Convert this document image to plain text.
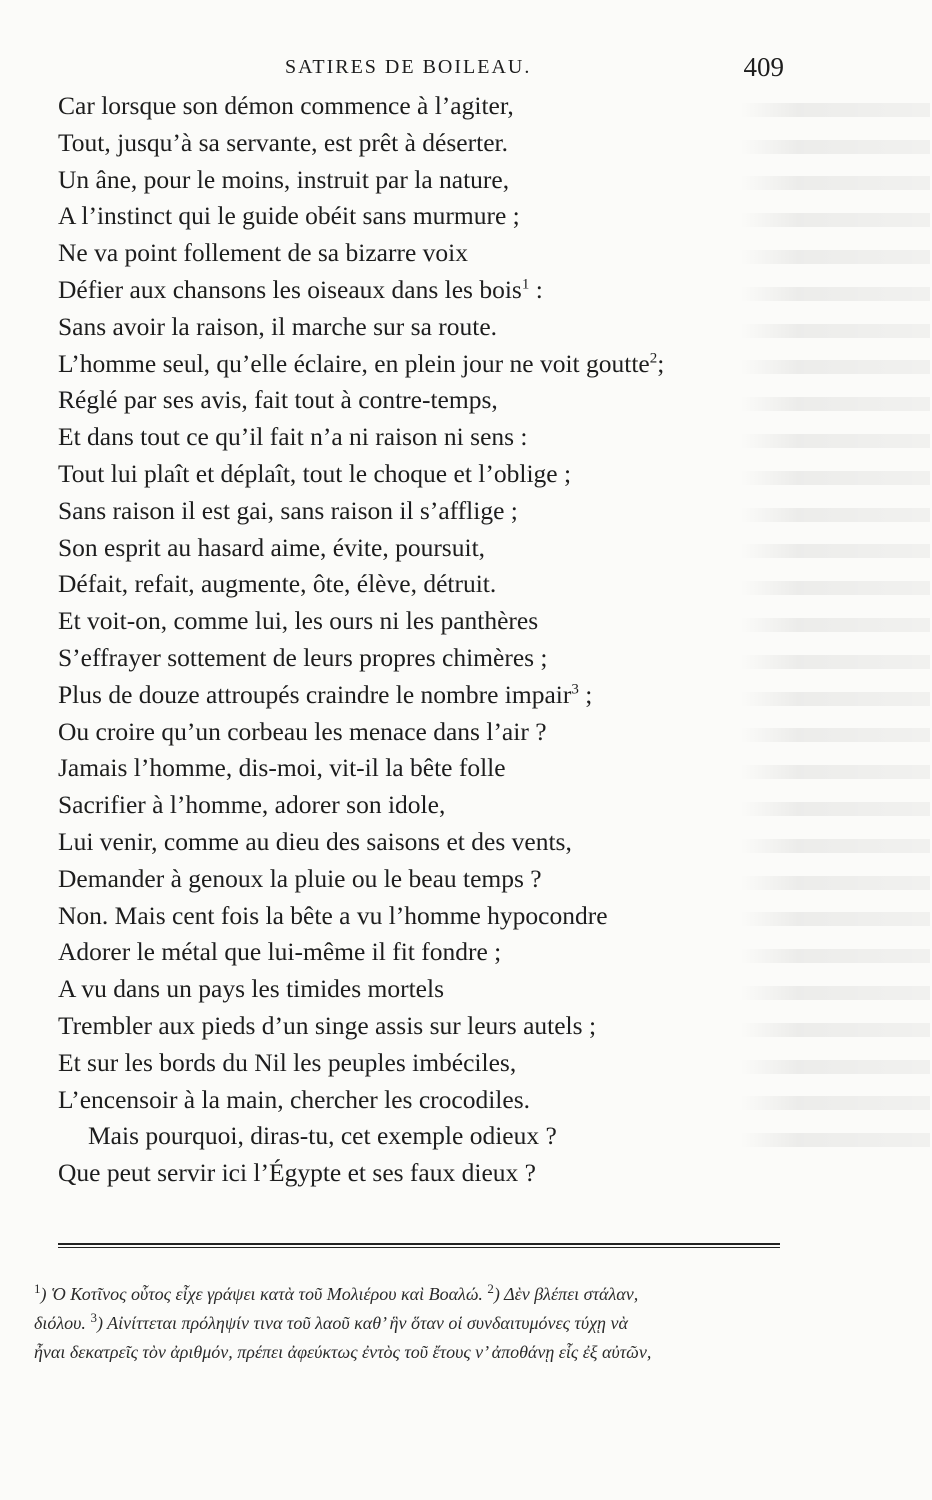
SATIRES DE BOILEAU.	409
Car lorsque son démon commence à l’agiter,
Tout, jusqu’à sa servante, est prêt à déserter.
Un âne, pour le moins, instruit par la nature,
A l’instinct qui le guide obéit sans murmure ;
Ne va point follement de sa bizarre voix
Défier aux chansons les oiseaux dans les bois$^1$ :
Sans avoir la raison, il marche sur sa route.
L’homme seul, qu’elle éclaire, en plein jour ne voit goutte$^2$;
Réglé par ses avis, fait tout à contre-temps,
Et dans tout ce qu’il fait n’a ni raison ni sens :
Tout lui plaît et déplaît, tout le choque et l’oblige ;
Sans raison il est gai, sans raison il s’afflige ;
Son esprit au hasard aime, évite, poursuit,
Défait, refait, augmente, ôte, élève, détruit.
Et voit-on, comme lui, les ours ni les panthères
S’effrayer sottement de leurs propres chimères ;
Plus de douze attroupés craindre le nombre impair$^3$ ;
Ou croire qu’un corbeau les menace dans l’air ?
Jamais l’homme, dis-moi, vit-il la bête folle
Sacrifier à l’homme, adorer son idole,
Lui venir, comme au dieu des saisons et des vents,
Demander à genoux la pluie ou le beau temps ?
Non. Mais cent fois la bête a vu l’homme hypocondre
Adorer le métal que lui-même il fit fondre ;
A vu dans un pays les timides mortels
Trembler aux pieds d’un singe assis sur leurs autels ;
Et sur les bords du Nil les peuples imbéciles,
L’encensoir à la main, chercher les crocodiles.
Mais pourquoi, diras-tu, cet exemple odieux ?
Que peut servir ici l’Égypte et ses faux dieux ?
$^1$) Ὁ Κοτῖνος οὗτος εἶχε γράψει κατὰ τοῦ Μολιέρου καὶ Βοαλώ. $^2$) Δὲν βλέπει στάλαν,
διόλου. $^3$) Αἰνίττεται πρόληψίν τινα τοῦ λαοῦ καθ’ ἣν ὅταν οἱ συνδαιτυμόνες τύχῃ νὰ
ἦναι δεκατρεῖς τὸν ἀριθμόν, πρέπει ἀφεύκτως ἐντὸς τοῦ ἔτους ν’ ἀποθάνῃ εἷς ἐξ αὐτῶν,
